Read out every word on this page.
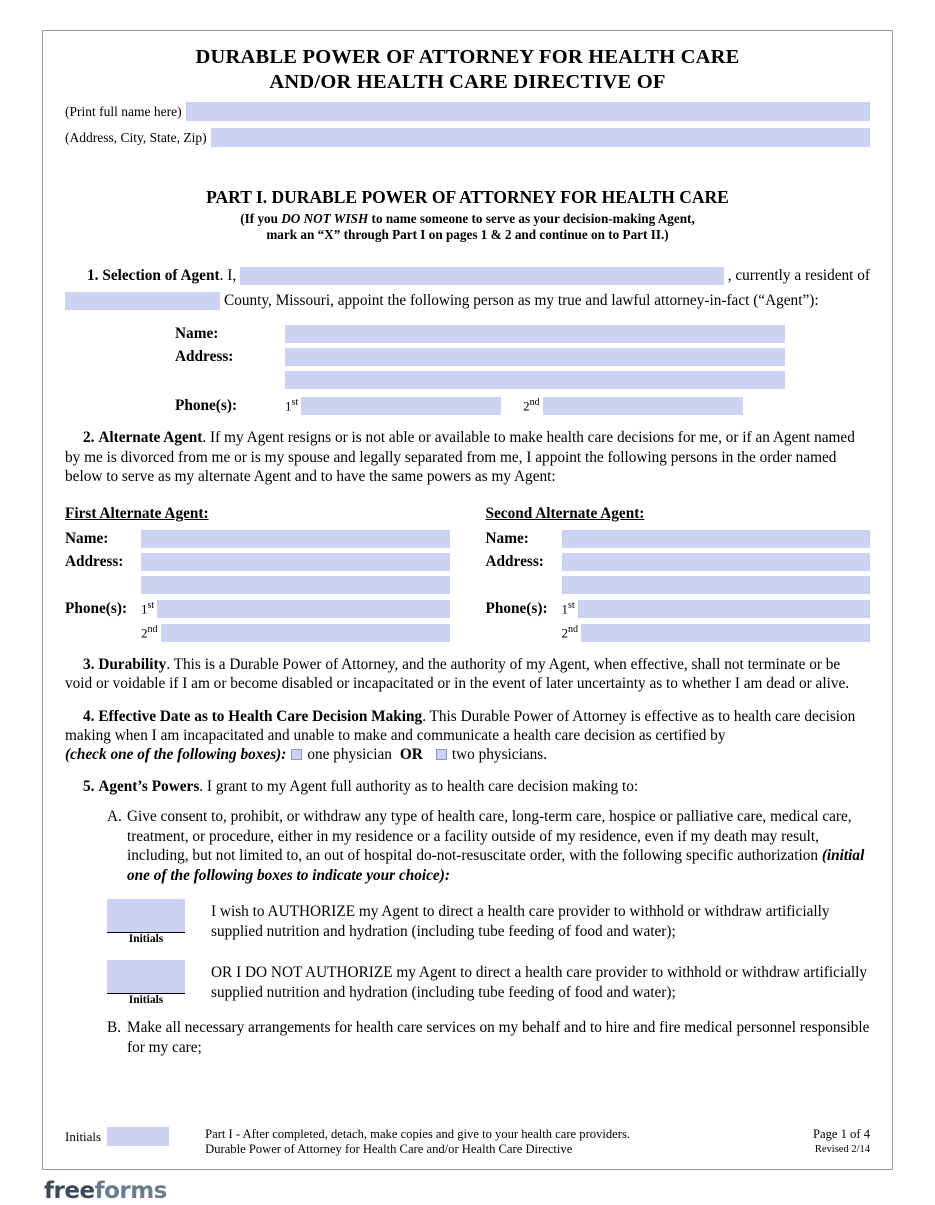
DURABLE POWER OF ATTORNEY FOR HEALTH CARE
AND/OR HEALTH CARE DIRECTIVE OF
(Print full name here)
(Address, City, State, Zip)
PART I. DURABLE POWER OF ATTORNEY FOR HEALTH CARE
(If you DO NOT WISH to name someone to serve as your decision-making Agent,
mark an “X” through Part I on pages 1 & 2 and continue on to Part II.)
1. Selection of Agent. I,	, currently a resident of
County, Missouri, appoint the following person as my true and lawful attorney-in-fact (“Agent”):
Name:
Address:
Phone(s):	1st	2nd

2. Alternate Agent. If my Agent resigns or is not able or available to make health care decisions for me, or if an Agent named by me is divorced from me or is my spouse and legally separated from me, I appoint the following persons in the order named below to serve as my alternate Agent and to have the same powers as my Agent:

First Alternate Agent:
Name:
Address:
Phone(s):	1st
2nd
Second Alternate Agent:
Name:
Address:
Phone(s):	1st
2nd

3. Durability. This is a Durable Power of Attorney, and the authority of my Agent, when effective, shall not terminate or be void or voidable if I am or become disabled or incapacitated or in the event of later uncertainty as to whether I am dead or alive.

4. Effective Date as to Health Care Decision Making. This Durable Power of Attorney is effective as to health care decision making when I am incapacitated and unable to make and communicate a health care decision as certified by

(check one of the following boxes): one physician OR	two physicians.

5. Agent’s Powers. I grant to my Agent full authority as to health care decision making to:

A. Give consent to, prohibit, or withdraw any type of health care, long-term care, hospice or palliative care, medical care, treatment, or procedure, either in my residence or a facility outside of my residence, even if my death may result, including, but not limited to, an out of hospital do-not-resuscitate order, with the following specific authorization (initial one of the following boxes to indicate your choice):
Initials
I wish to AUTHORIZE my Agent to direct a health care provider to withhold or withdraw artificially supplied nutrition and hydration (including tube feeding of food and water);
Initials
OR I DO NOT AUTHORIZE my Agent to direct a health care provider to withhold or withdraw artificially supplied nutrition and hydration (including tube feeding of food and water);
B. Make all necessary arrangements for health care services on my behalf and to hire and fire medical personnel responsible for my care;
Initials	Part I - After completed, detach, make copies and give to your health care providers.
Durable Power of Attorney for Health Care and/or Health Care Directive
Page 1 of 4
Revised 2/14
freeforms
